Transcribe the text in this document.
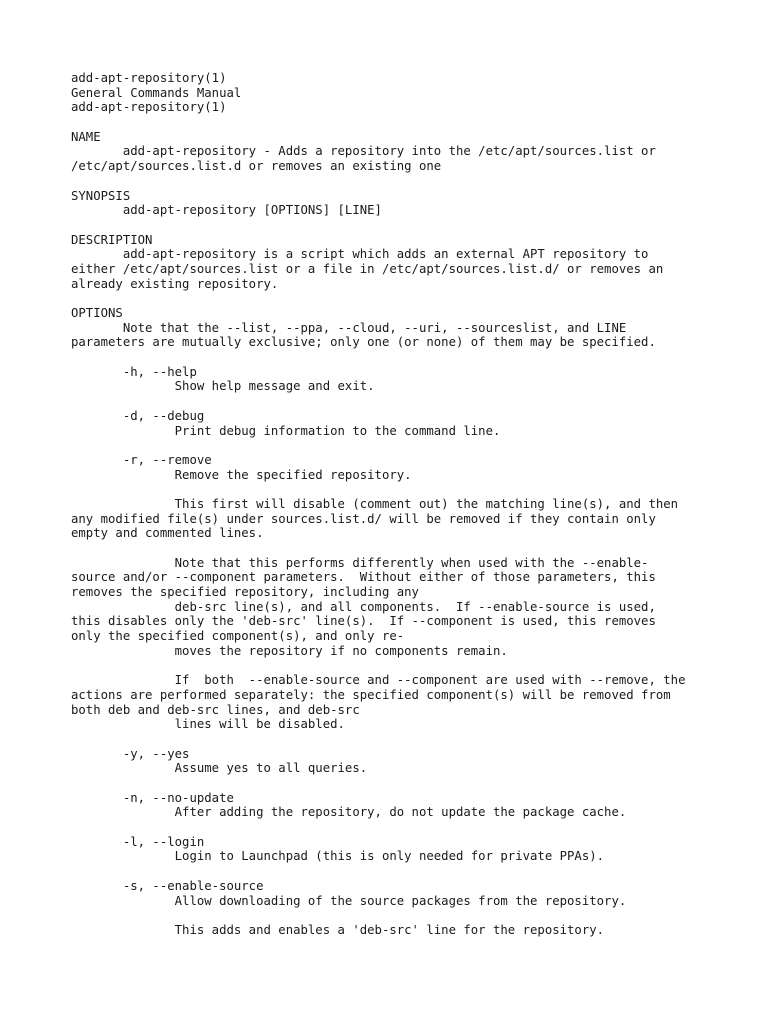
add-apt-repository(1)
General Commands Manual
add-apt-repository(1)
NAME
add-apt-repository - Adds a repository into the /etc/apt/sources.list or
/etc/apt/sources.list.d or removes an existing one
SYNOPSIS
add-apt-repository [OPTIONS] [LINE]
DESCRIPTION
add-apt-repository is a script which adds an external APT repository to
either /etc/apt/sources.list or a file in /etc/apt/sources.list.d/ or removes an
already existing repository.
OPTIONS
Note that the --list, --ppa, --cloud, --uri, --sourceslist, and LINE
parameters are mutually exclusive; only one (or none) of them may be specified.
-h, --help
Show help message and exit.
-d, --debug
Print debug information to the command line.
-r, --remove
Remove the specified repository.
This first will disable (comment out) the matching line(s), and then
any modified file(s) under sources.list.d/ will be removed if they contain only
empty and commented lines.
Note that this performs differently when used with the --enable-
source and/or --component parameters.  Without either of those parameters, this
removes the specified repository, including any
deb-src line(s), and all components.  If --enable-source is used,
this disables only the 'deb-src' line(s).  If --component is used, this removes
only the specified component(s), and only re-
moves the repository if no components remain.
If  both  --enable-source and --component are used with --remove, the
actions are performed separately: the specified component(s) will be removed from
both deb and deb-src lines, and deb-src
lines will be disabled.
-y, --yes
Assume yes to all queries.
-n, --no-update
After adding the repository, do not update the package cache.
-l, --login
Login to Launchpad (this is only needed for private PPAs).
-s, --enable-source
Allow downloading of the source packages from the repository.
This adds and enables a 'deb-src' line for the repository.
